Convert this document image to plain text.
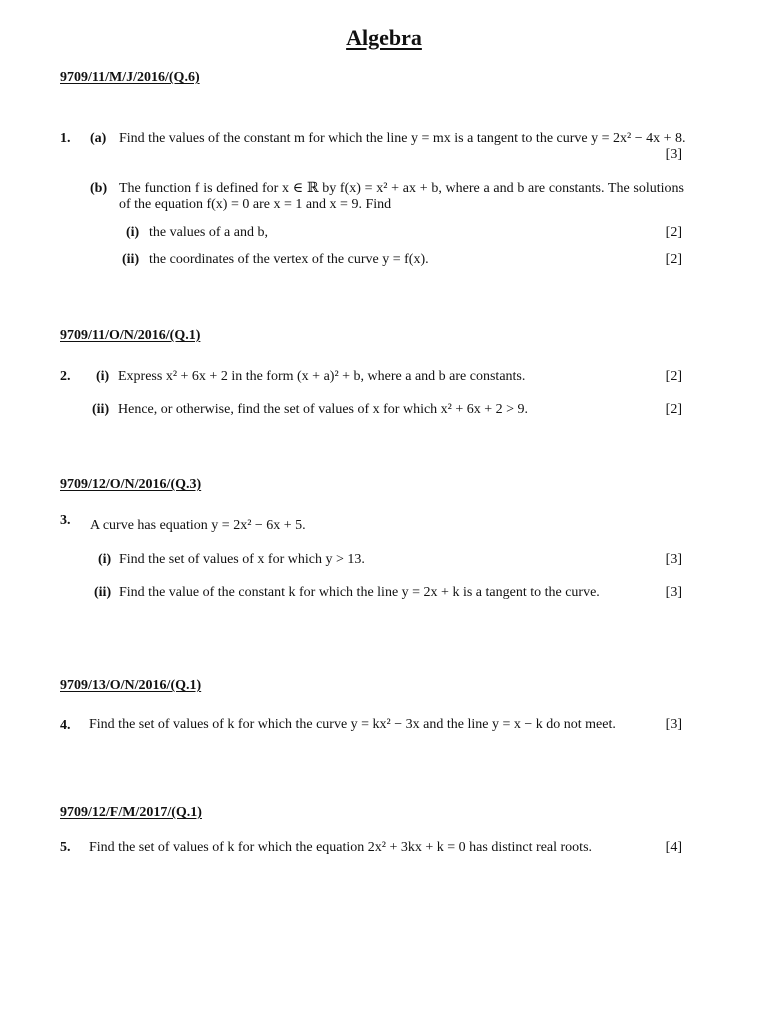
Algebra
9709/11/M/J/2016/(Q.6)
1. (a) Find the values of the constant m for which the line y = mx is a tangent to the curve y = 2x² − 4x + 8.
[3]
(b) The function f is defined for x ∈ ℝ by f(x) = x² + ax + b, where a and b are constants. The solutions of the equation f(x) = 0 are x = 1 and x = 9. Find
(i) the values of a and b,	[2]
(ii) the coordinates of the vertex of the curve y = f(x).	[2]
9709/11/O/N/2016/(Q.1)
2. (i) Express x² + 6x + 2 in the form (x + a)² + b, where a and b are constants.	[2]
(ii) Hence, or otherwise, find the set of values of x for which x² + 6x + 2 > 9.	[2]
9709/12/O/N/2016/(Q.3)
3. A curve has equation y = 2x² − 6x + 5.
(i) Find the set of values of x for which y > 13.	[3]
(ii) Find the value of the constant k for which the line y = 2x + k is a tangent to the curve.	[3]
9709/13/O/N/2016/(Q.1)
4. Find the set of values of k for which the curve y = kx² − 3x and the line y = x − k do not meet.	[3]
9709/12/F/M/2017/(Q.1)
5. Find the set of values of k for which the equation 2x² + 3kx + k = 0 has distinct real roots.	[4]
